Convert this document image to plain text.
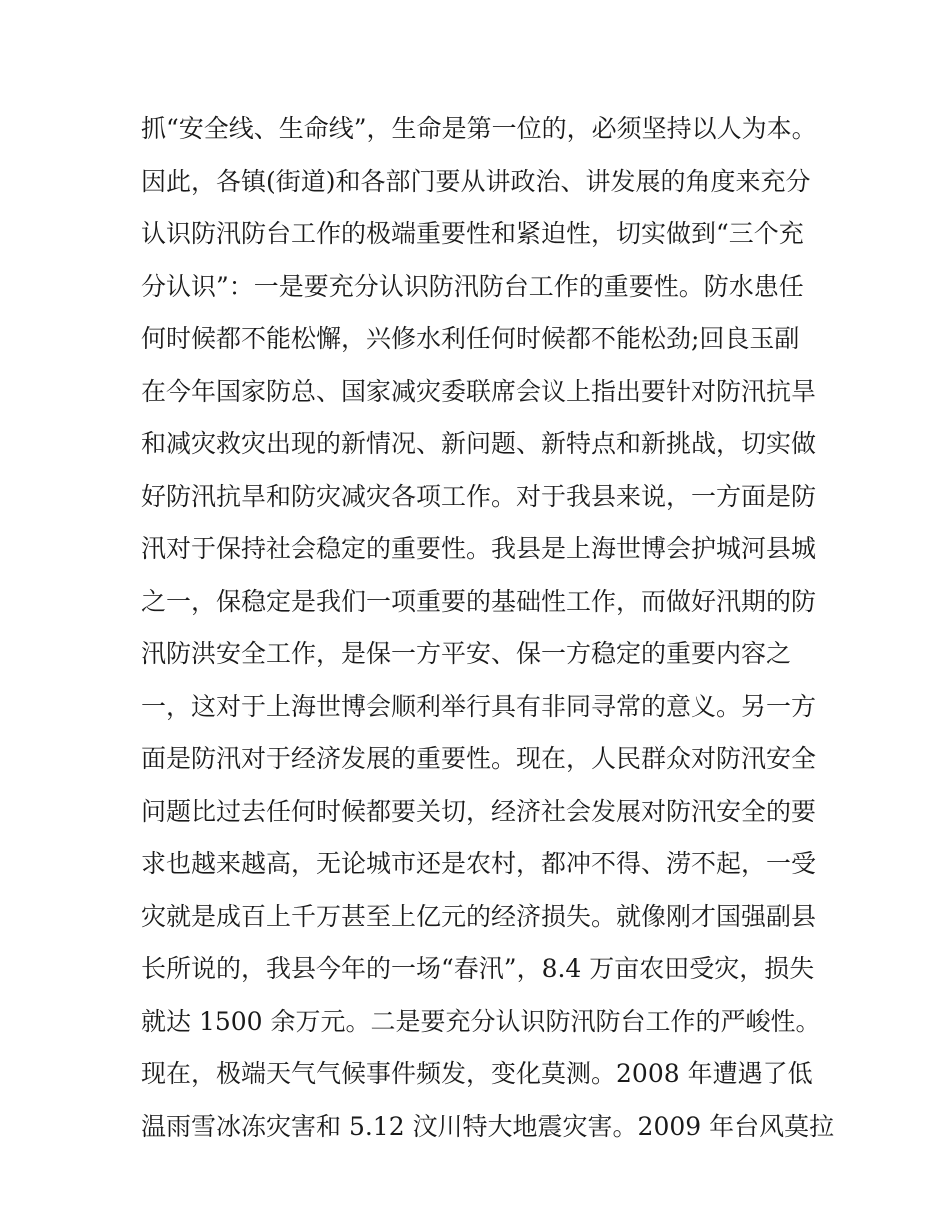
抓“安全线、生命线”，生命是第一位的，必须坚持以人为本。
因此，各镇(街道)和各部门要从讲政治、讲发展的角度来充分
认识防汛防台工作的极端重要性和紧迫性，切实做到“三个充
分认识”：一是要充分认识防汛防台工作的重要性。防水患任
何时候都不能松懈，兴修水利任何时候都不能松劲;回良玉副
在今年国家防总、国家减灾委联席会议上指出要针对防汛抗旱
和减灾救灾出现的新情况、新问题、新特点和新挑战，切实做
好防汛抗旱和防灾减灾各项工作。对于我县来说，一方面是防
汛对于保持社会稳定的重要性。我县是上海世博会护城河县城
之一，保稳定是我们一项重要的基础性工作，而做好汛期的防
汛防洪安全工作，是保一方平安、保一方稳定的重要内容之
一，这对于上海世博会顺利举行具有非同寻常的意义。另一方
面是防汛对于经济发展的重要性。现在，人民群众对防汛安全
问题比过去任何时候都要关切，经济社会发展对防汛安全的要
求也越来越高，无论城市还是农村，都冲不得、涝不起，一受
灾就是成百上千万甚至上亿元的经济损失。就像刚才国强副县
长所说的，我县今年的一场“春汛”，8.4 万亩农田受灾，损失
就达 1500 余万元。二是要充分认识防汛防台工作的严峻性。
现在，极端天气气候事件频发，变化莫测。2008 年遭遇了低
温雨雪冰冻灾害和 5.12 汶川特大地震灾害。2009 年台风莫拉
